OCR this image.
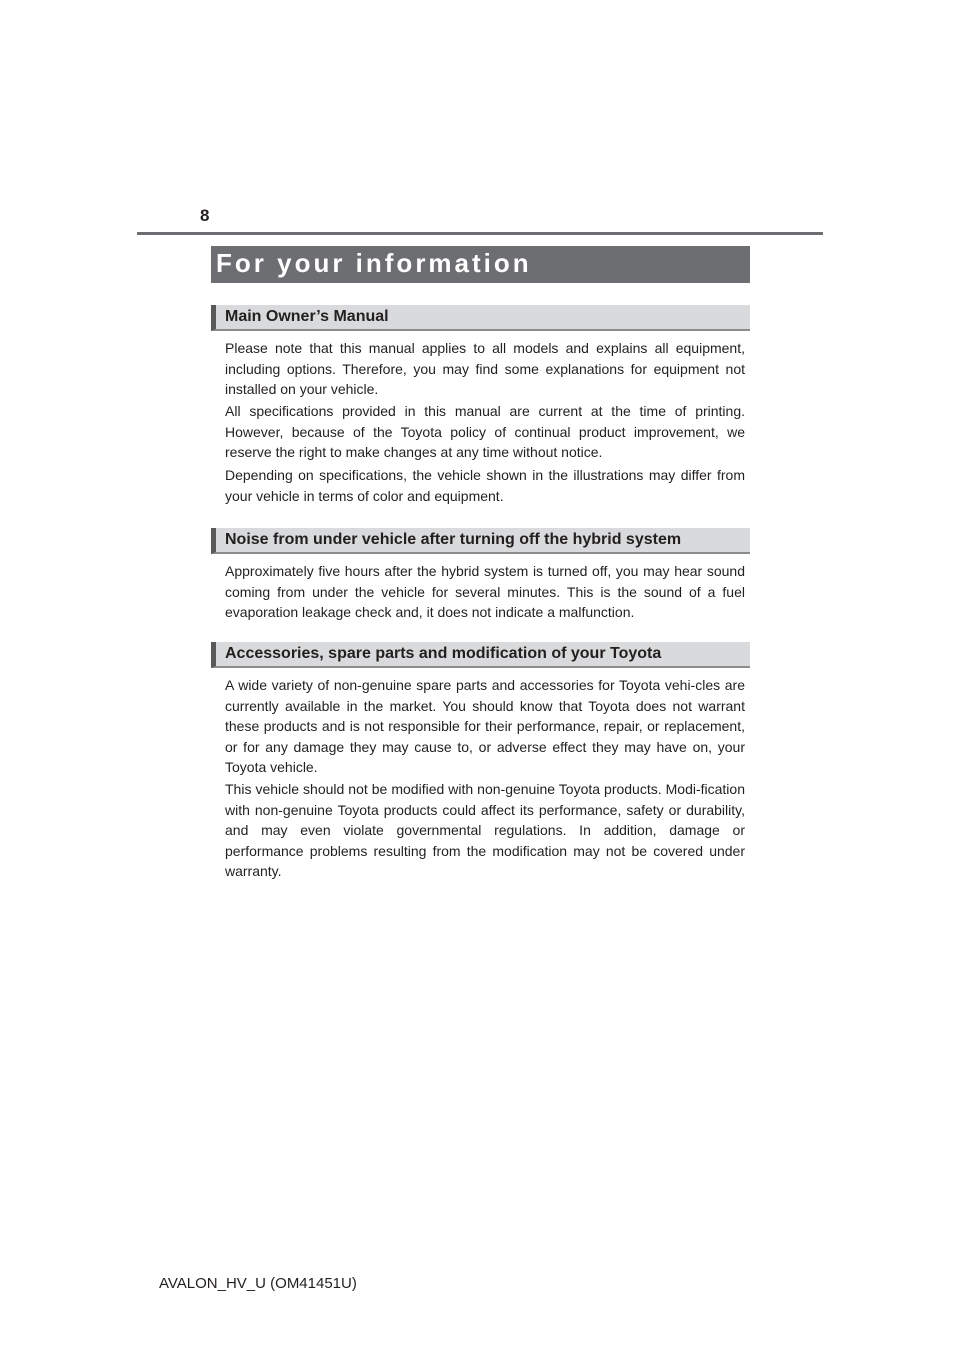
8
For your information
Main Owner’s Manual

Please note that this manual applies to all models and explains all equipment, including options. Therefore, you may find some explanations for equipment not installed on your vehicle.

All specifications provided in this manual are current at the time of printing. However, because of the Toyota policy of continual product improvement, we reserve the right to make changes at any time without notice.

Depending on specifications, the vehicle shown in the illustrations may differ from your vehicle in terms of color and equipment.

Noise from under vehicle after turning off the hybrid system

Approximately five hours after the hybrid system is turned off, you may hear sound coming from under the vehicle for several minutes. This is the sound of a fuel evaporation leakage check and, it does not indicate a malfunction.

Accessories, spare parts and modification of your Toyota

A wide variety of non-genuine spare parts and accessories for Toyota vehi-cles are currently available in the market. You should know that Toyota does not warrant these products and is not responsible for their performance, repair, or replacement, or for any damage they may cause to, or adverse effect they may have on, your Toyota vehicle.

This vehicle should not be modified with non-genuine Toyota products. Modi-fication with non-genuine Toyota products could affect its performance, safety or durability, and may even violate governmental regulations. In addition, damage or performance problems resulting from the modification may not be covered under warranty.

AVALON_HV_U (OM41451U)
